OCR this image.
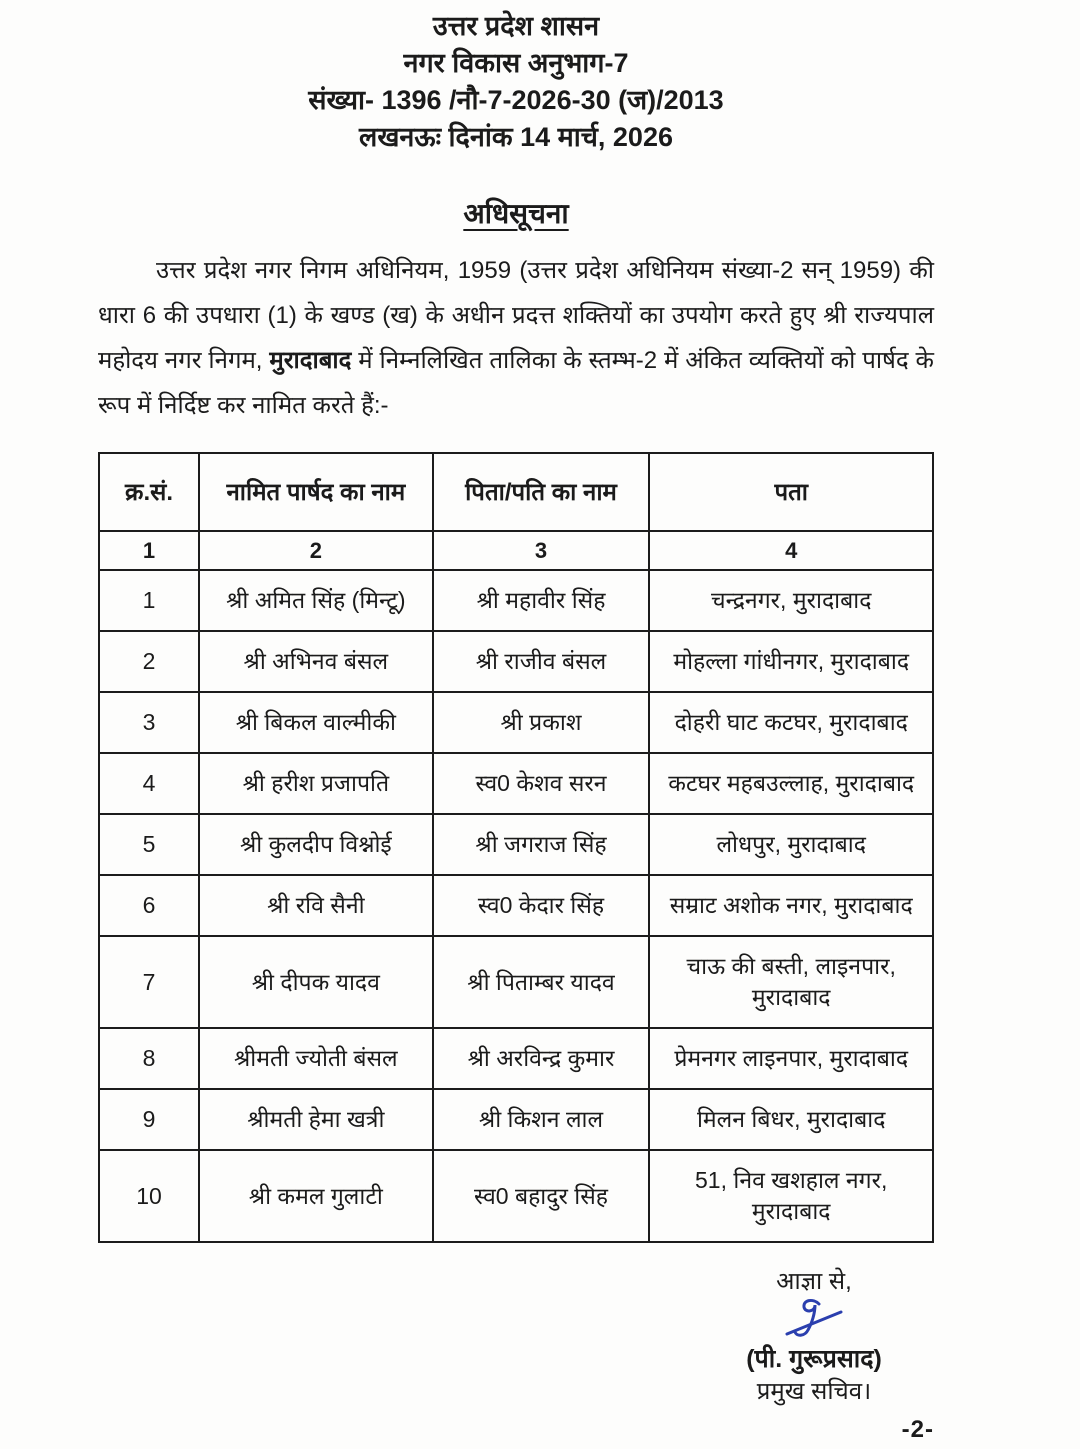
उत्तर प्रदेश शासन
नगर विकास अनुभाग-7
संख्या- 1396 /नौ-7-2026-30 (ज)/2013
लखनऊः दिनांक 14 मार्च, 2026
अधिसूचना

उत्तर प्रदेश नगर निगम अधिनियम, 1959 (उत्तर प्रदेश अधिनियम संख्या-2 सन् 1959) की धारा 6 की उपधारा (1) के खण्ड (ख) के अधीन प्रदत्त शक्तियों का उपयोग करते हुए श्री राज्यपाल महोदय नगर निगम, मुरादाबाद में निम्नलिखित तालिका के स्तम्भ-2 में अंकित व्यक्तियों को पार्षद के रूप में निर्दिष्ट कर नामित करते हैं:-

क्र.सं.	नामित पार्षद का नाम	पिता/पति का नाम	पता
1	2	3	4
1	श्री अमित सिंह (मिन्टू)	श्री महावीर सिंह	चन्द्रनगर, मुरादाबाद
2	श्री अभिनव बंसल	श्री राजीव बंसल	मोहल्ला गांधीनगर, मुरादाबाद
3	श्री बिकल वाल्मीकी	श्री प्रकाश	दोहरी घाट कटघर, मुरादाबाद
4	श्री हरीश प्रजापति	स्व0 केशव सरन	कटघर महबउल्लाह, मुरादाबाद
5	श्री कुलदीप विश्नोई	श्री जगराज सिंह	लोधपुर, मुरादाबाद
6	श्री रवि सैनी	स्व0 केदार सिंह	सम्राट अशोक नगर, मुरादाबाद
7	श्री दीपक यादव	श्री पिताम्बर यादव	चाऊ की बस्ती, लाइनपार, मुरादाबाद
8	श्रीमती ज्योती बंसल	श्री अरविन्द्र कुमार	प्रेमनगर लाइनपार, मुरादाबाद
9	श्रीमती हेमा खत्री	श्री किशन लाल	मिलन बिधर, मुरादाबाद
10	श्री कमल गुलाटी	स्व0 बहादुर सिंह	51, निव खशहाल नगर, मुरादाबाद
आज्ञा से,
(पी. गुरूप्रसाद)
प्रमुख सचिव।
-2-
